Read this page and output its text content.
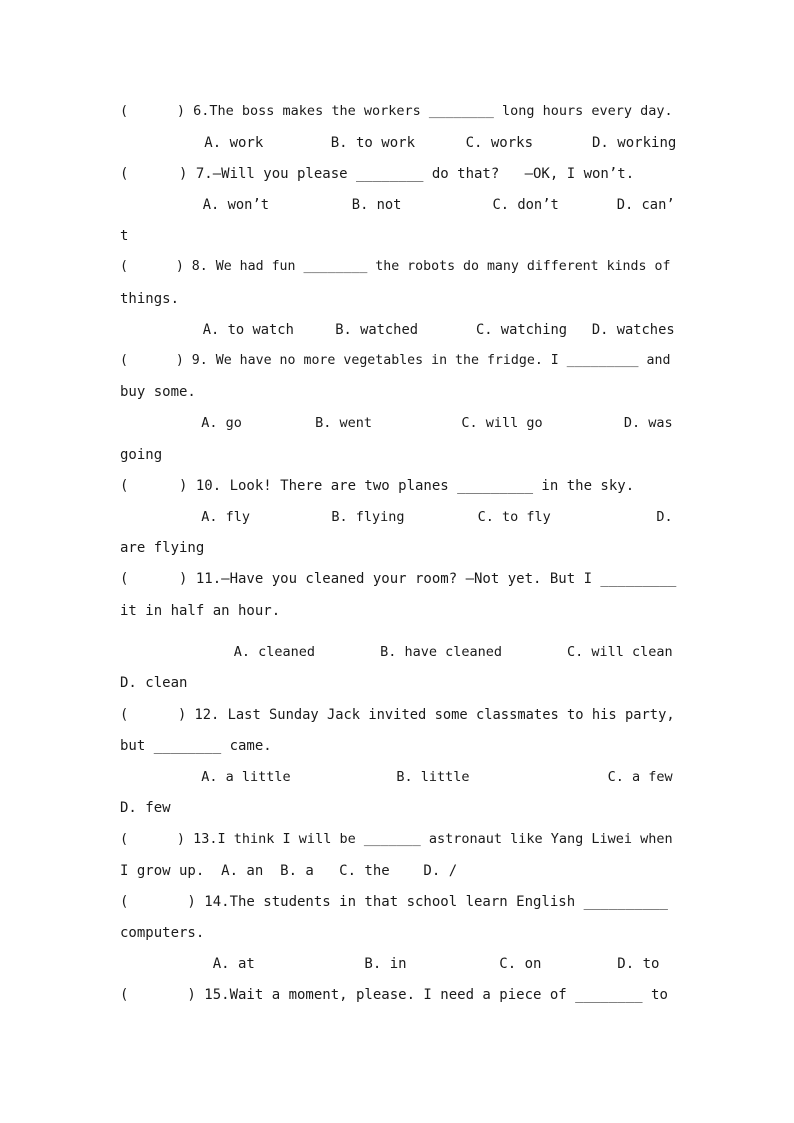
(      ) 6.The boss makes the workers ________ long hours every day.
A. work        B. to work      C. works       D. working
(      ) 7.—Will you please ________ do that?   —OK, I won’t.
A. won’t          B. not           C. don’t       D. can’
t
(      ) 8. We had fun ________ the robots do many different kinds of
things.
A. to watch     B. watched       C. watching   D. watches
(      ) 9. We have no more vegetables in the fridge. I _________ and
buy some.
A. go         B. went           C. will go          D. was
going
(      ) 10. Look! There are two planes _________ in the sky.
A. fly          B. flying         C. to fly             D.
are flying
(      ) 11.—Have you cleaned your room? —Not yet. But I _________
it in half an hour.
A. cleaned        B. have cleaned        C. will clean
D. clean
(      ) 12. Last Sunday Jack invited some classmates to his party,
but ________ came.
A. a little             B. little                 C. a few
D. few
(      ) 13.I think I will be _______ astronaut like Yang Liwei when
I grow up.  A. an  B. a   C. the    D. /
(       ) 14.The students in that school learn English __________
computers.
A. at             B. in           C. on         D. to
(       ) 15.Wait a moment, please. I need a piece of ________ to
